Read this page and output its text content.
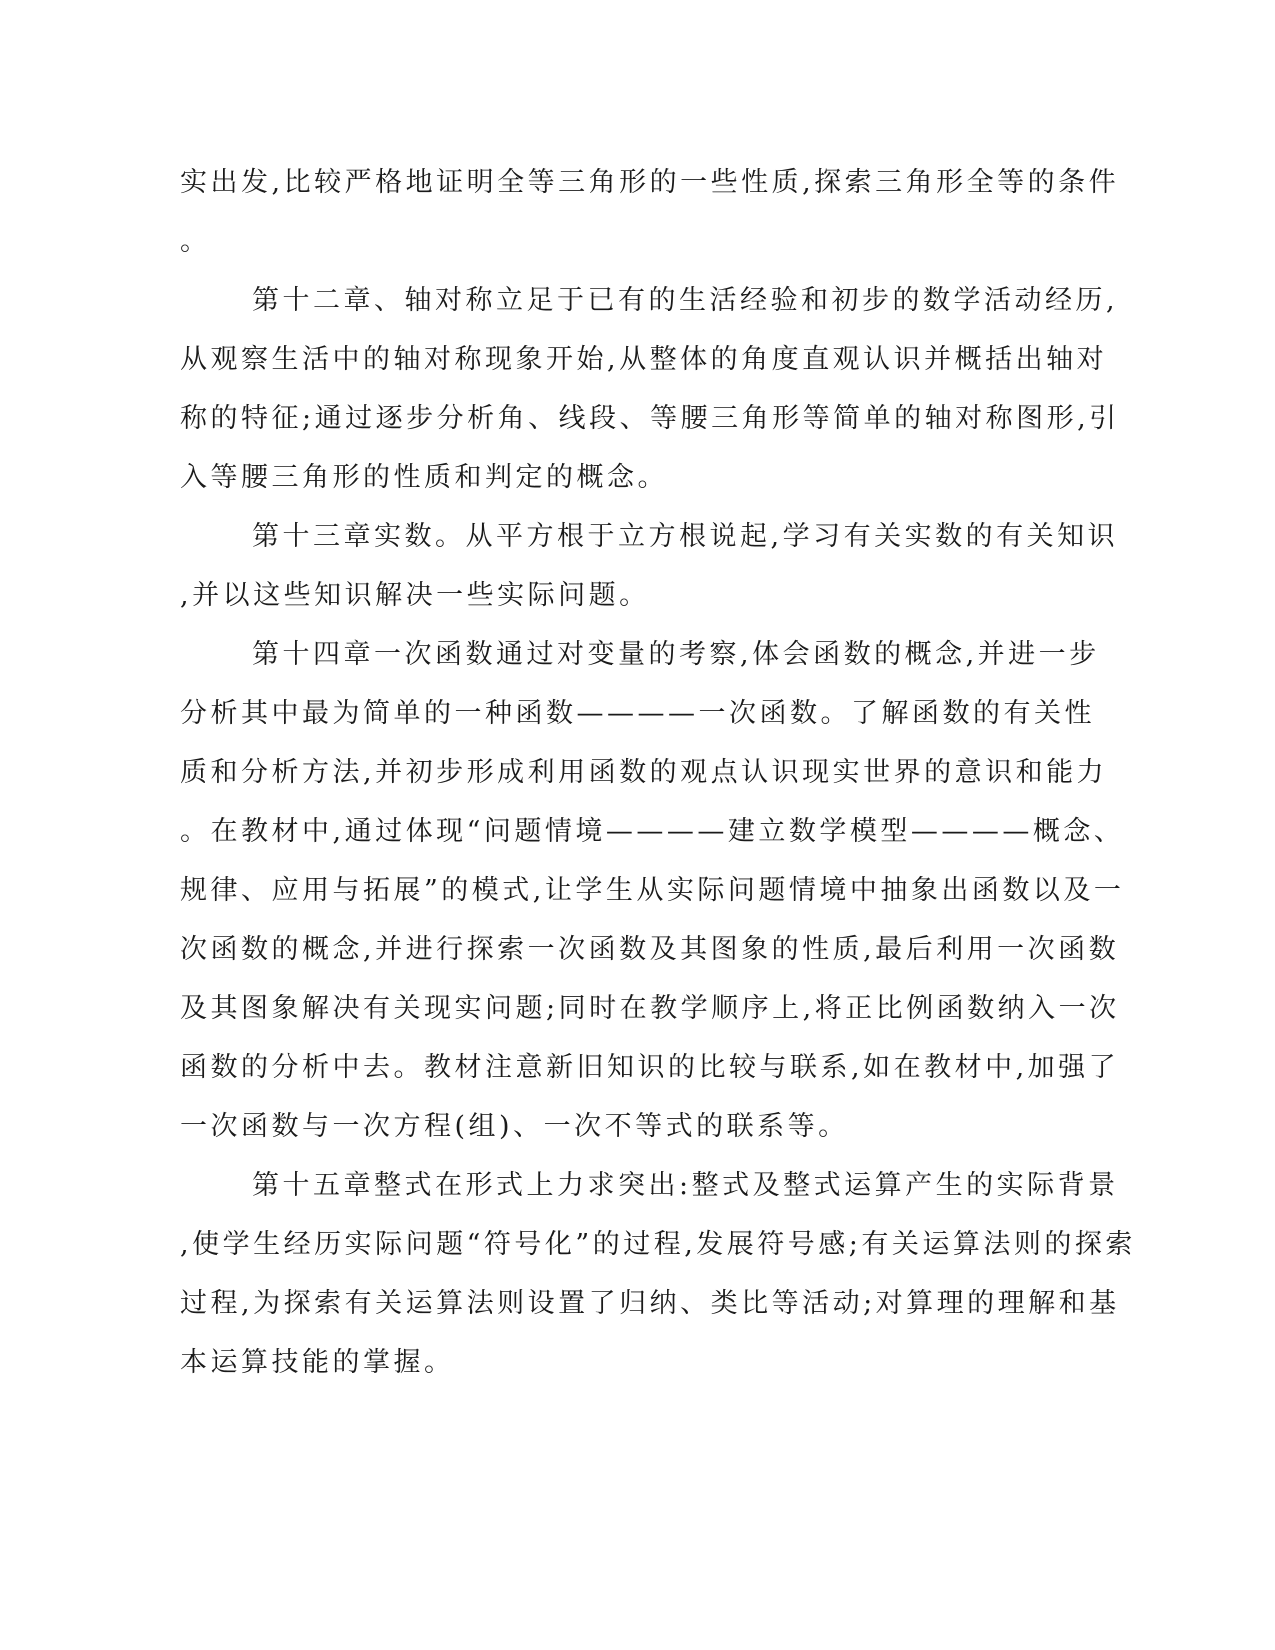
实出发,比较严格地证明全等三角形的一些性质,探索三角形全等的条件
。
第十二章、轴对称立足于已有的生活经验和初步的数学活动经历,
从观察生活中的轴对称现象开始,从整体的角度直观认识并概括出轴对
称的特征;通过逐步分析角、线段、等腰三角形等简单的轴对称图形,引
入等腰三角形的性质和判定的概念。
第十三章实数。从平方根于立方根说起,学习有关实数的有关知识
,并以这些知识解决一些实际问题。
第十四章一次函数通过对变量的考察,体会函数的概念,并进一步
分析其中最为简单的一种函数————一次函数。了解函数的有关性
质和分析方法,并初步形成利用函数的观点认识现实世界的意识和能力
。在教材中,通过体现“问题情境————建立数学模型————概念、
规律、应用与拓展”的模式,让学生从实际问题情境中抽象出函数以及一
次函数的概念,并进行探索一次函数及其图象的性质,最后利用一次函数
及其图象解决有关现实问题;同时在教学顺序上,将正比例函数纳入一次
函数的分析中去。教材注意新旧知识的比较与联系,如在教材中,加强了
一次函数与一次方程(组)、一次不等式的联系等。
第十五章整式在形式上力求突出:整式及整式运算产生的实际背景
,使学生经历实际问题“符号化”的过程,发展符号感;有关运算法则的探索
过程,为探索有关运算法则设置了归纳、类比等活动;对算理的理解和基
本运算技能的掌握。
